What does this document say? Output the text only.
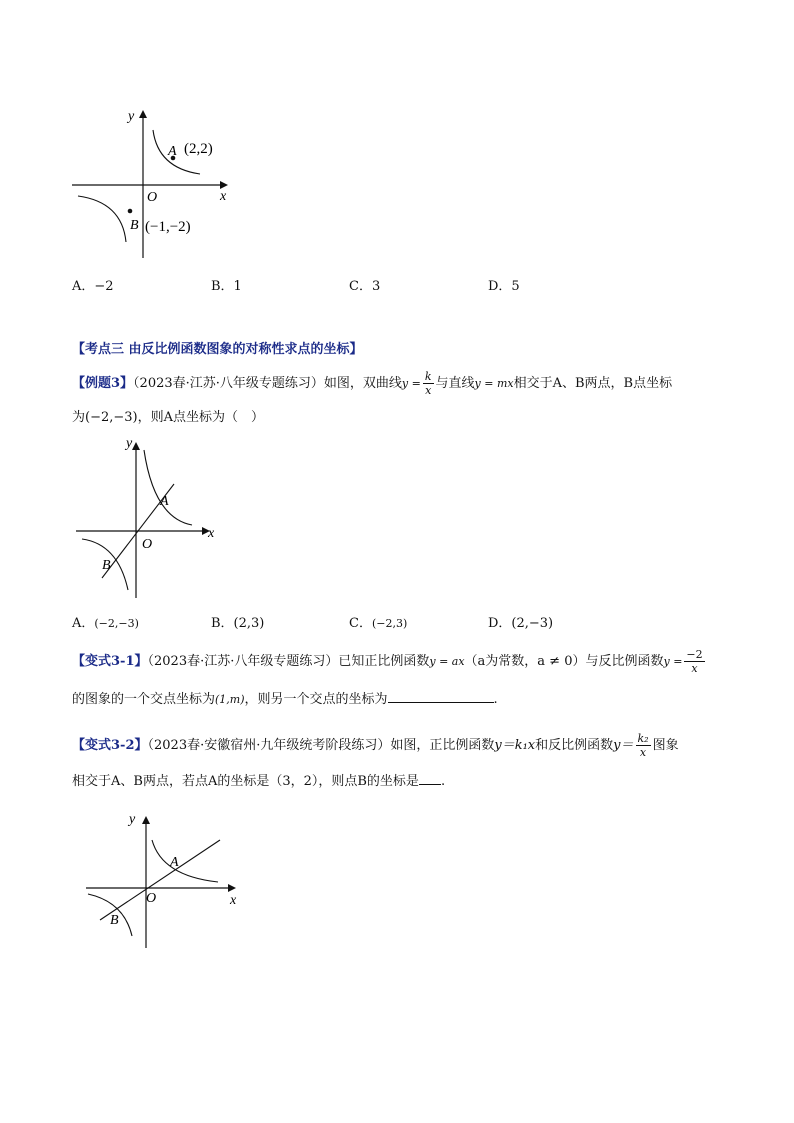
y
x
O
A (2,2)
B (−1,−2)
A．−2	B．1	C．3	D．5
【考点三 由反比例函数图象的对称性求点的坐标】
【例题3】（2023春·江苏·八年级专题练习）如图，双曲线$y = \frac{k}{x}$ 与直线y = mx相交于A、B两点，B点坐标
为(−2,−3)，则A点坐标为（　）
y
x
O
A
B
A．(−2,−3)	B．(2,3)	C．(−2,3)	D．(2,−3)
【变式3-1】（2023春·江苏·八年级专题练习）已知正比例函数y = ax（a为常数，a ≠ 0）与反比例函数$y = \frac{-2}{x}$
的图象的一个交点坐标为(1,m)，则另一个交点的坐标为	.
【变式3-2】（2023春·安徽宿州·九年级统考阶段练习）如图，正比例函数y＝k₁x和反比例函数$y= \frac{\text{k₂}}{x}$ 图象
相交于A、B两点，若点A的坐标是（3，2），则点B的坐标是 .
y
x
O
A
B
